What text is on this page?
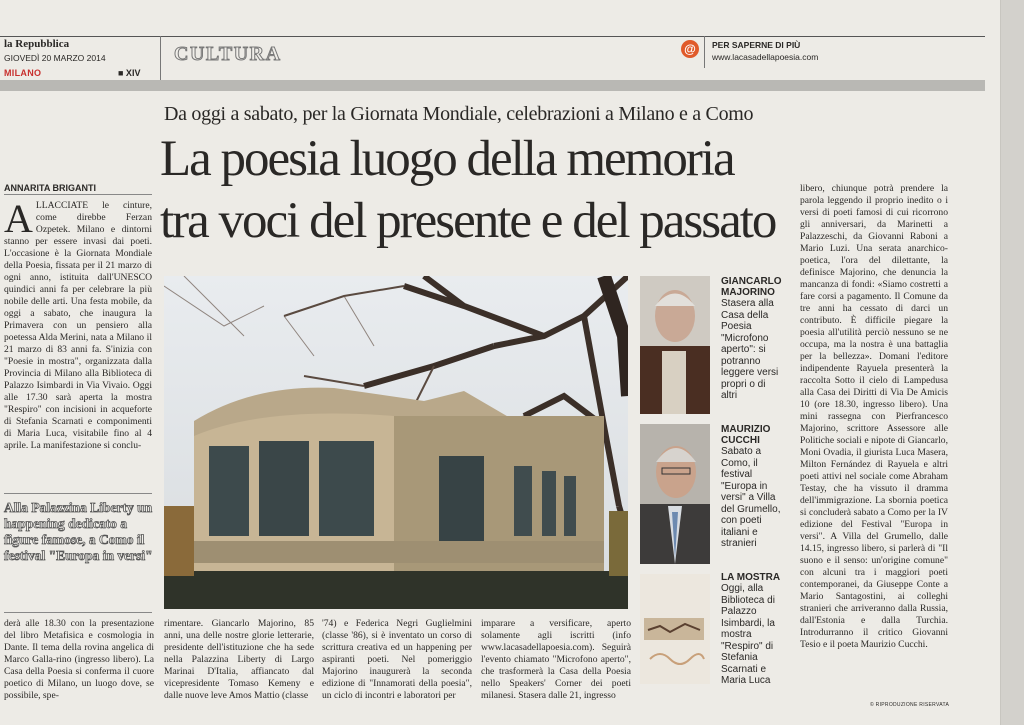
la Repubblica
GIOVEDÌ 20 MARZO 2014
MILANO	■ XIV
CULTURA	@	PER SAPERNE DI PIÙ
www.lacasadellapoesia.com
Da oggi a sabato, per la Giornata Mondiale, celebrazioni a Milano e a Como
La poesia luogo della memoria
tra voci del presente e del passato
ANNARITA BRIGANTI
ALLACCIATE le cinture, come direbbe Ferzan Ozpetek. Milano e dintorni stanno per essere invasi dai poeti. L'occasione è la Giornata Mondiale della Poesia, fissata per il 21 marzo di ogni anno, istituita dall'UNESCO quindici anni fa per celebrare la più nobile delle arti. Una festa mobile, da oggi a sabato, che inaugura la Primavera con un pensiero alla poetessa Alda Merini, nata a Milano il 21 marzo di 83 anni fa. S'inizia con "Poesie in mostra", organizzata dalla Provincia di Milano alla Biblioteca di Palazzo Isimbardi in Via Vivaio. Oggi alle 17.30 sarà aperta la mostra "Respiro" con incisioni in acqueforte di Stefania Scarnati e componimenti di Maria Luca, visitabile fino al 4 aprile. La manifestazione si conclu-
Alla Palazzina Liberty un happening dedicato a figure famose, a Como il festival "Europa in versi"
GIANCARLO MAJORINO
Stasera alla Casa della Poesia "Microfono aperto": si potranno leggere versi propri o di altri
MAURIZIO CUCCHI
Sabato a Como, il festival "Europa in versi" a Villa del Grumello, con poeti italiani e stranieri
LA MOSTRA
Oggi, alla Biblioteca di Palazzo Isimbardi, la mostra "Respiro" di Stefania Scarnati e Maria Luca
derà alle 18.30 con la presentazione del libro Metafisica e cosmologia in Dante. Il tema della rovina angelica di Marco Galla-rino (ingresso libero). La Casa della Poesia si conferma il cuore poetico di Milano, un luogo dove, se possibile, spe-
rimentare. Giancarlo Majorino, 85 anni, una delle nostre glorie letterarie, presidente dell'istituzione che ha sede nella Palazzina Liberty di Largo Marinai D'Italia, affiancato dal vicepresidente Tomaso Kemeny e dalle nuove leve Amos Mattio (classe
'74) e Federica Negri Guglielmini (classe '86), si è inventato un corso di scrittura creativa ed un happening per aspiranti poeti. Nel pomeriggio Majorino inaugurerà la seconda edizione di "Innamorati della poesia", un ciclo di incontri e laboratori per
imparare a versificare, aperto solamente agli iscritti (info www.lacasadellapoesia.com). Seguirà l'evento chiamato "Microfono aperto", che trasformerà la Casa della Poesia nello Speakers' Corner dei poeti milanesi. Stasera dalle 21, ingresso
libero, chiunque potrà prendere la parola leggendo il proprio inedito o i versi di poeti famosi di cui ricorrono gli anniversari, da Marinetti a Palazzeschi, da Giovanni Raboni a Mario Luzi. Una serata anarchico-poetica, l'ora del dilettante, la definisce Majorino, che denuncia la mancanza di fondi: «Siamo costretti a fare corsi a pagamento. Il Comune da tre anni ha cessato di darci un contributo. È difficile piegare la poesia all'utilità perciò nessuno se ne occupa, ma la nostra è una battaglia per la bellezza». Domani l'editore indipendente Rayuela presenterà la raccolta Sotto il cielo di Lampedusa alla Casa dei Diritti di Via De Amicis 10 (ore 18.30, ingresso libero). Una mini rassegna con Pierfrancesco Majorino, scrittore Assessore alle Politiche sociali e nipote di Giancarlo, Moni Ovadia, il giurista Luca Masera, Milton Fernández di Rayuela e altri poeti attivi nel sociale come Abraham Testay, che ha vissuto il dramma dell'immigrazione. La sbornia poetica si concluderà sabato a Como per la IV edizione del Festival "Europa in versi". A Villa del Grumello, dalle 14.15, ingresso libero, si parlerà di "Il suono e il senso: un'origine comune" con alcuni tra i maggiori poeti contemporanei, da Giuseppe Conte a Mario Santagostini, ai colleghi stranieri che arriveranno dalla Russia, dall'Estonia e dalla Turchia. Introdurranno il critico Giovanni Tesio e il poeta Maurizio Cucchi.
© RIPRODUZIONE RISERVATA
